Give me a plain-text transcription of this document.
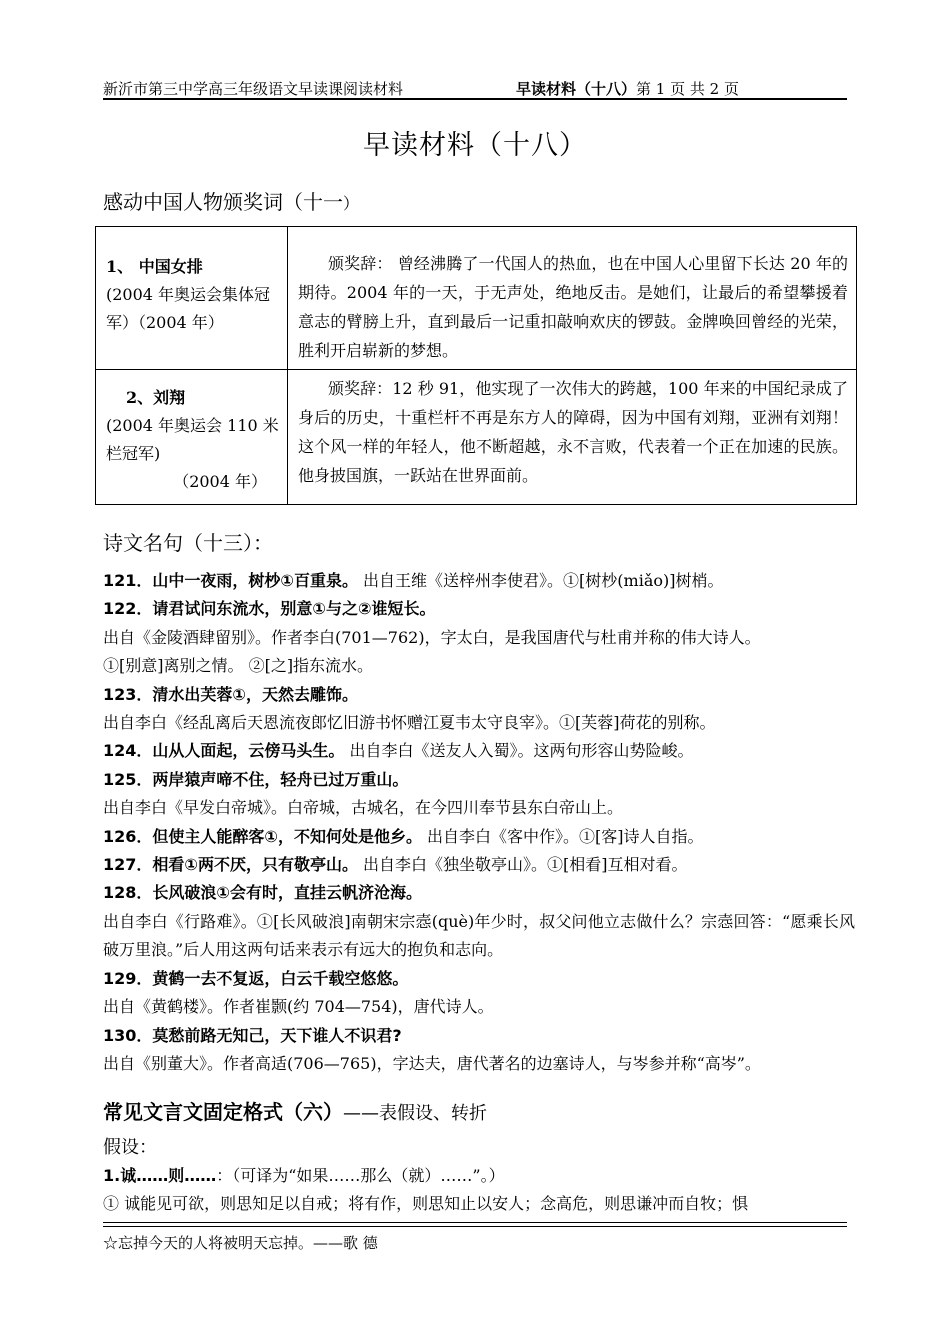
新沂市第三中学高三年级语文早读课阅读材料	早读材料（十八）第 1 页 共 2 页
早读材料（十八）
感动中国人物颁奖词（十一）
1、 中国女排
(2004 年奥运会集体冠军）（2004 年）	颁奖辞： 曾经沸腾了一代国人的热血，也在中国人心里留下长达 20 年的期待。2004 年的一天，于无声处，绝地反击。是她们，让最后的希望攀援着意志的臂膀上升，直到最后一记重扣敲响欢庆的锣鼓。金牌唤回曾经的光荣，胜利开启崭新的梦想。

2、刘翔
(2004 年奥运会 110 米栏冠军)
（2004 年）	颁奖辞：12 秒 91，他实现了一次伟大的跨越，100 年来的中国纪录成了身后的历史，十重栏杆不再是东方人的障碍，因为中国有刘翔，亚洲有刘翔！这个风一样的年轻人，他不断超越，永不言败，代表着一个正在加速的民族。他身披国旗，一跃站在世界面前。
诗文名句（十三）：

121．山中一夜雨，树杪①百重泉。 出自王维《送梓州李使君》。①[树杪(miǎo)]树梢。

122．请君试问东流水，别意①与之②谁短长。

出自《金陵酒肆留别》。作者李白(701—762)，字太白，是我国唐代与杜甫并称的伟大诗人。

①[别意]离别之情。 ②[之]指东流水。

123．清水出芙蓉①，天然去雕饰。

出自李白《经乱离后天恩流夜郎忆旧游书怀赠江夏韦太守良宰》。①[芙蓉]荷花的别称。

124．山从人面起，云傍马头生。 出自李白《送友人入蜀》。这两句形容山势险峻。

125．两岸猿声啼不住，轻舟已过万重山。

出自李白《早发白帝城》。白帝城，古城名，在今四川奉节县东白帝山上。

126．但使主人能醉客①，不知何处是他乡。 出自李白《客中作》。①[客]诗人自指。

127．相看①两不厌，只有敬亭山。 出自李白《独坐敬亭山》。①[相看]互相对看。

128．长风破浪①会有时，直挂云帆济沧海。

出自李白《行路难》。①[长风破浪]南朝宋宗悫(què)年少时，叔父问他立志做什么？宗悫回答：“愿乘长风破万里浪。”后人用这两句话来表示有远大的抱负和志向。

129．黄鹤一去不复返，白云千载空悠悠。

出自《黄鹤楼》。作者崔颢(约 704—754)，唐代诗人。

130．莫愁前路无知己，天下谁人不识君?

出自《别董大》。作者高适(706—765)，字达夫，唐代著名的边塞诗人，与岑参并称“高岑”。

常见文言文固定格式（六）——表假设、转折

假设：

1.诚……则……：（可译为“如果……那么（就）……”。）

① 诚能见可欲，则思知足以自戒；将有作，则思知止以安人；念高危，则思谦冲而自牧；惧

☆忘掉今天的人将被明天忘掉。——歌 德
